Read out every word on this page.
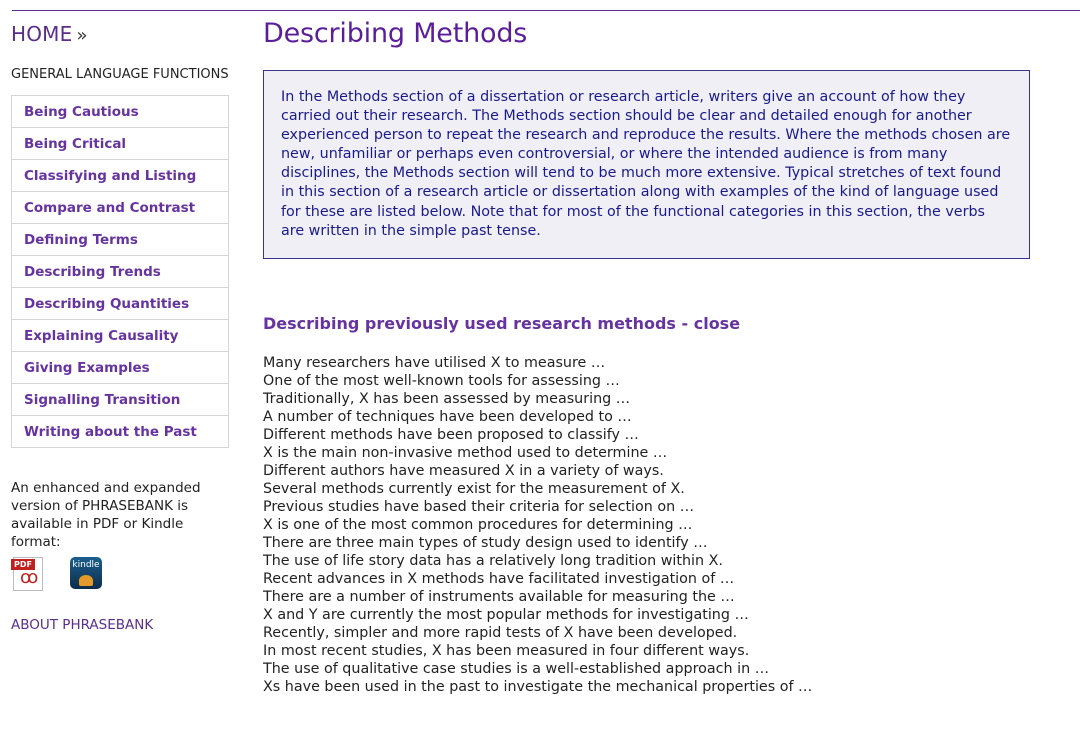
HOME »
GENERAL LANGUAGE FUNCTIONS
Being Cautious
Being Critical
Classifying and Listing
Compare and Contrast
Defining Terms
Describing Trends
Describing Quantities
Explaining Causality
Giving Examples
Signalling Transition
Writing about the Past
An enhanced and expanded version of PHRASEBANK is available in PDF or Kindle format:
PDF
ꝏ
kindle
ABOUT PHRASEBANK
Describing Methods
In the Methods section of a dissertation or research article, writers give an account of how they carried out their research. The Methods section should be clear and detailed enough for another experienced person to repeat the research and reproduce the results. Where the methods chosen are new, unfamiliar or perhaps even controversial, or where the intended audience is from many disciplines, the Methods section will tend to be much more extensive. Typical stretches of text found in this section of a research article or dissertation along with examples of the kind of language used for these are listed below. Note that for most of the functional categories in this section, the verbs are written in the simple past tense.
Describing previously used research methods - close
Many researchers have utilised X to measure …
One of the most well-known tools for assessing …
Traditionally, X has been assessed by measuring …
A number of techniques have been developed to …
Different methods have been proposed to classify …
X is the main non-invasive method used to determine …
Different authors have measured X in a variety of ways.
Several methods currently exist for the measurement of X.
Previous studies have based their criteria for selection on …
X is one of the most common procedures for determining …
There are three main types of study design used to identify …
The use of life story data has a relatively long tradition within X.
Recent advances in X methods have facilitated investigation of …
There are a number of instruments available for measuring the …
X and Y are currently the most popular methods for investigating …
Recently, simpler and more rapid tests of X have been developed.
In most recent studies, X has been measured in four different ways.
The use of qualitative case studies is a well-established approach in …
Xs have been used in the past to investigate the mechanical properties of …
